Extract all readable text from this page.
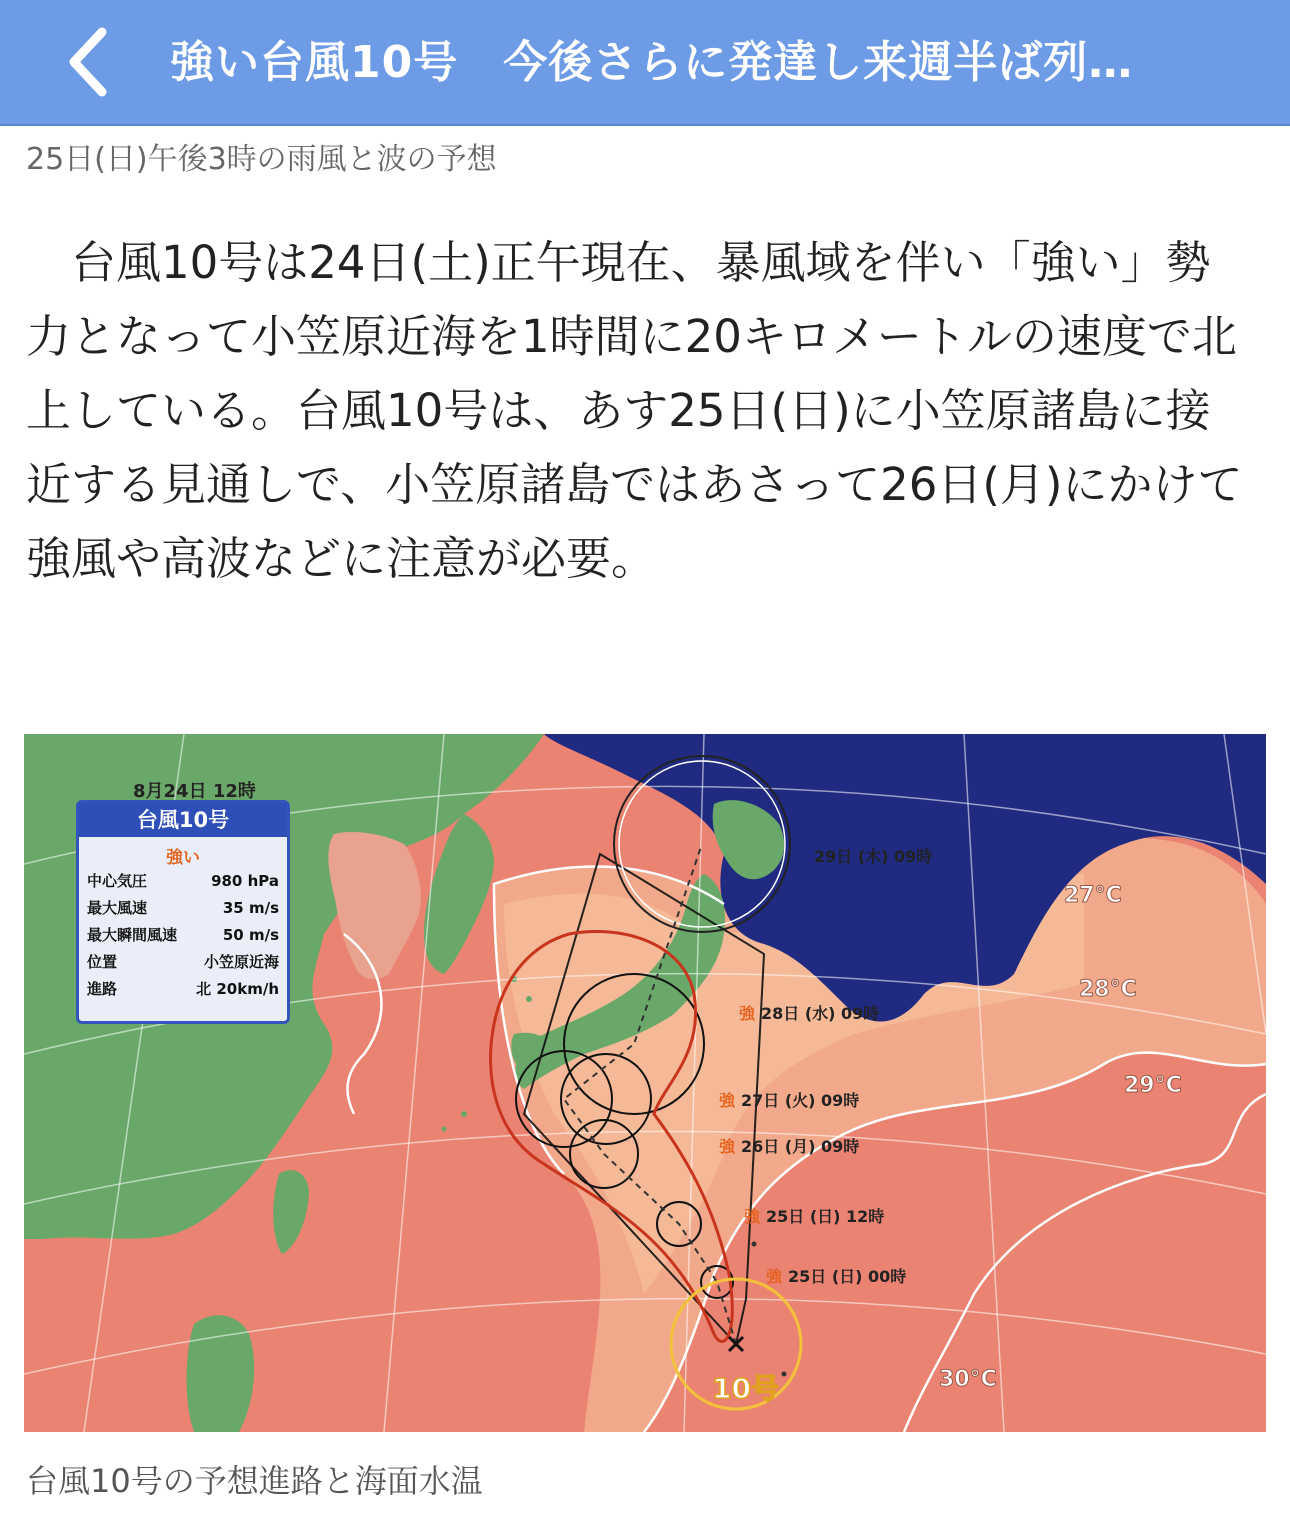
強い台風10号　今後さらに発達し来週半ば列…
25日(日)午後3時の雨風と波の予想

台風10号は24日(土)正午現在、暴風域を伴い「強い」勢力となって小笠原近海を1時間に20キロメートルの速度で北上している。台風10号は、あす25日(日)に小笠原諸島に接近する見通しで、小笠原諸島ではあさって26日(月)にかけて強風や高波などに注意が必要。

29日 (木) 09時
強 28日 (水) 09時
強 27日 (火) 09時
強 26日 (月) 09時
強 25日 (日) 12時
強 25日 (日) 00時
27°C
28°C
29°C
30°C
10号
8月24日 12時
台風10号
強い
中心気圧	980 hPa
最大風速	35 m/s
最大瞬間風速	50 m/s
位置	小笠原近海
進路	北 20km/h
台風10号の予想進路と海面水温
